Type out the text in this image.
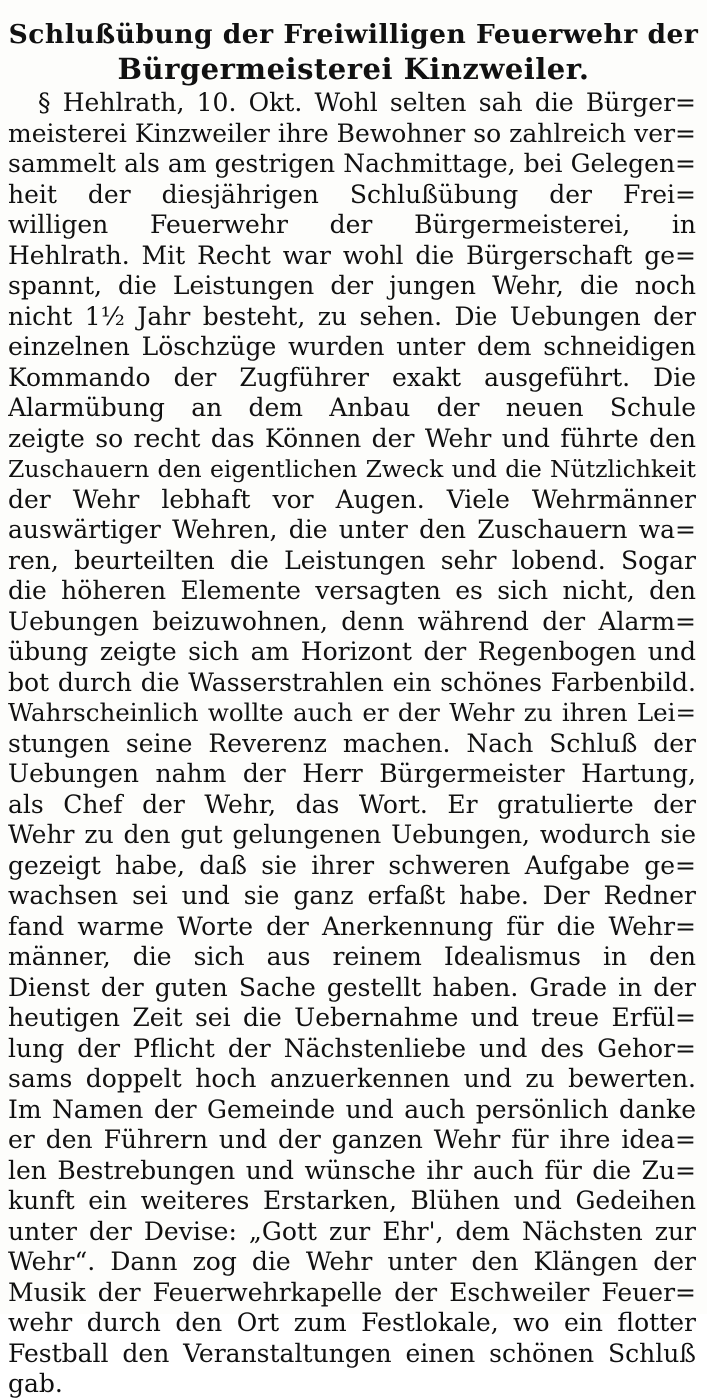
Schlußübung der Freiwilligen Feuerwehr der
Bürgermeisterei Kinzweiler.
§ Hehlrath, 10. Okt. Wohl selten sah die Bürger=
meisterei Kinzweiler ihre Bewohner so zahlreich ver=
sammelt als am gestrigen Nachmittage, bei Gelegen=
heit der diesjährigen Schlußübung der Frei=
willigen Feuerwehr der Bürgermeisterei, in
Hehlrath. Mit Recht war wohl die Bürgerschaft ge=
spannt, die Leistungen der jungen Wehr, die noch
nicht 1½ Jahr besteht, zu sehen. Die Uebungen der
einzelnen Löschzüge wurden unter dem schneidigen
Kommando der Zugführer exakt ausgeführt. Die
Alarmübung an dem Anbau der neuen Schule
zeigte so recht das Können der Wehr und führte den
Zuschauern den eigentlichen Zweck und die Nützlichkeit
der Wehr lebhaft vor Augen. Viele Wehrmänner
auswärtiger Wehren, die unter den Zuschauern wa=
ren, beurteilten die Leistungen sehr lobend. Sogar
die höheren Elemente versagten es sich nicht, den
Uebungen beizuwohnen, denn während der Alarm=
übung zeigte sich am Horizont der Regenbogen und
bot durch die Wasserstrahlen ein schönes Farbenbild.
Wahrscheinlich wollte auch er der Wehr zu ihren Lei=
stungen seine Reverenz machen. Nach Schluß der
Uebungen nahm der Herr Bürgermeister Hartung,
als Chef der Wehr, das Wort. Er gratulierte der
Wehr zu den gut gelungenen Uebungen, wodurch sie
gezeigt habe, daß sie ihrer schweren Aufgabe ge=
wachsen sei und sie ganz erfaßt habe. Der Redner
fand warme Worte der Anerkennung für die Wehr=
männer, die sich aus reinem Idealismus in den
Dienst der guten Sache gestellt haben. Grade in der
heutigen Zeit sei die Uebernahme und treue Erfül=
lung der Pflicht der Nächstenliebe und des Gehor=
sams doppelt hoch anzuerkennen und zu bewerten.
Im Namen der Gemeinde und auch persönlich danke
er den Führern und der ganzen Wehr für ihre idea=
len Bestrebungen und wünsche ihr auch für die Zu=
kunft ein weiteres Erstarken, Blühen und Gedeihen
unter der Devise: „Gott zur Ehr', dem Nächsten zur
Wehr“. Dann zog die Wehr unter den Klängen der
Musik der Feuerwehrkapelle der Eschweiler Feuer=
wehr durch den Ort zum Festlokale, wo ein flotter
Festball den Veranstaltungen einen schönen Schluß
gab.
